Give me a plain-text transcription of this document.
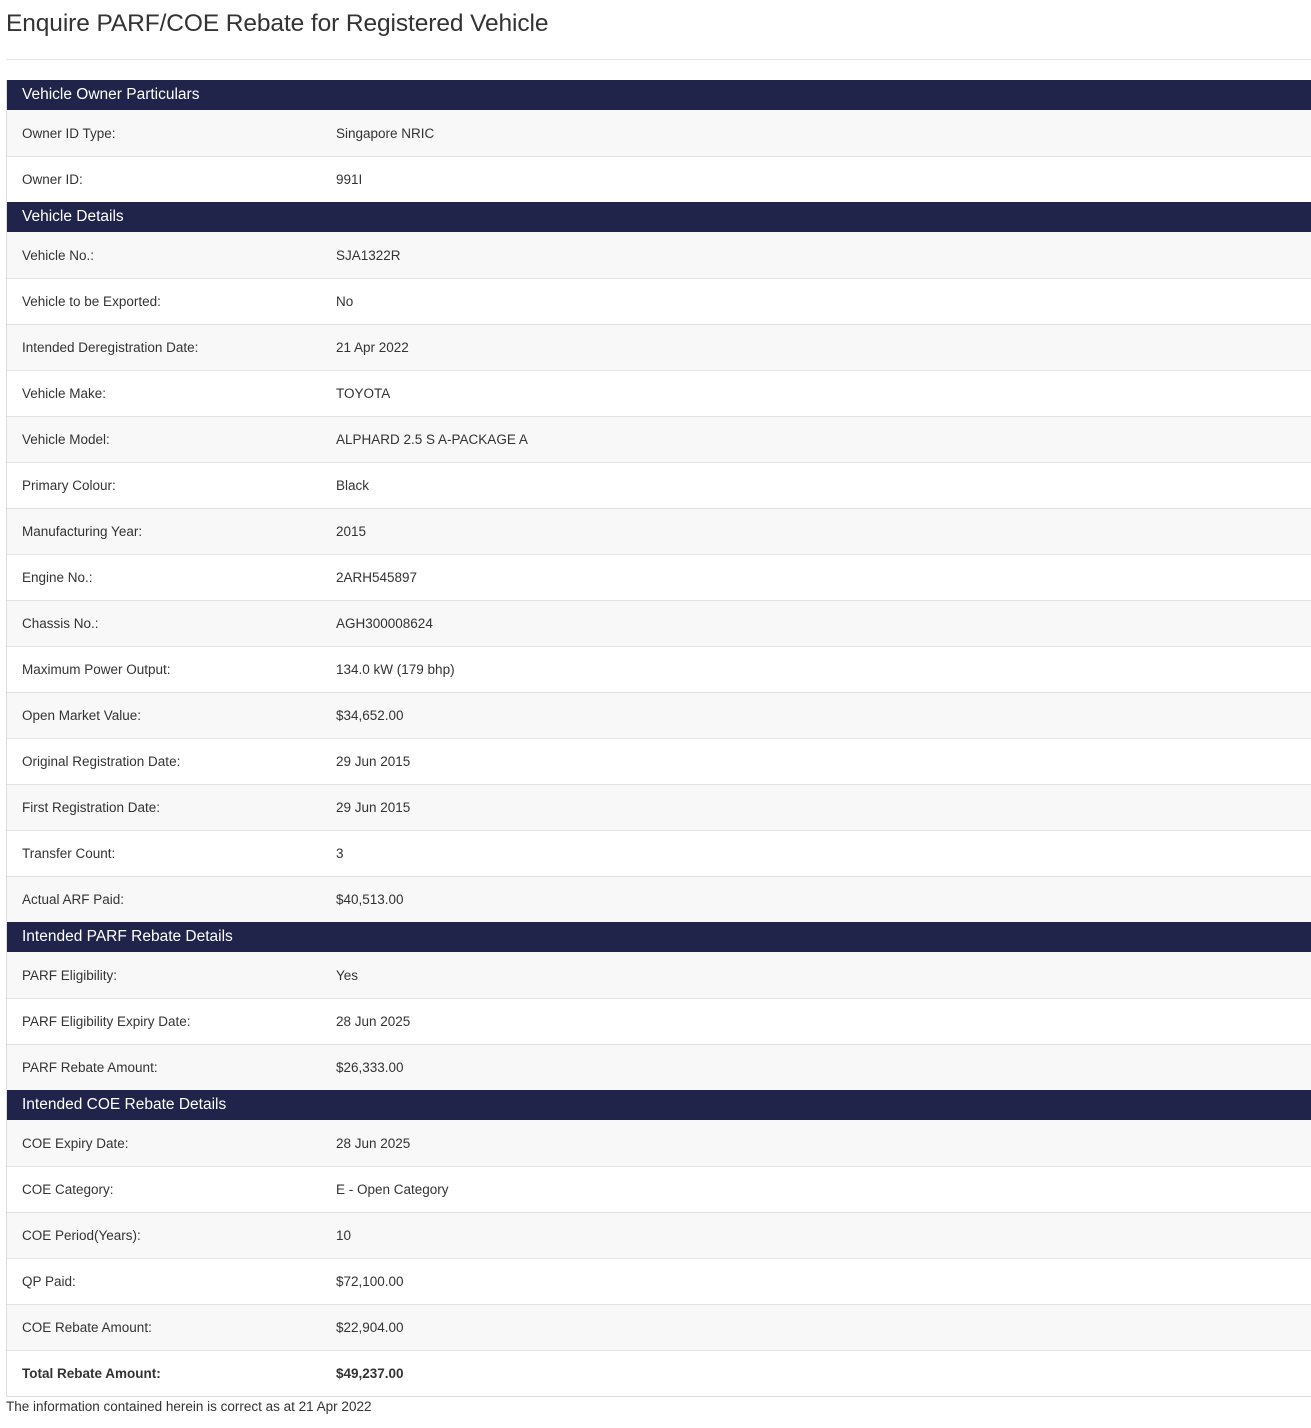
Enquire PARF/COE Rebate for Registered Vehicle
Vehicle Owner Particulars
Owner ID Type:	Singapore NRIC
Owner ID:	991I
Vehicle Details
Vehicle No.:	SJA1322R
Vehicle to be Exported:	No
Intended Deregistration Date:	21 Apr 2022
Vehicle Make:	TOYOTA
Vehicle Model:	ALPHARD 2.5 S A-PACKAGE A
Primary Colour:	Black
Manufacturing Year:	2015
Engine No.:	2ARH545897
Chassis No.:	AGH300008624
Maximum Power Output:	134.0 kW (179 bhp)
Open Market Value:	$34,652.00
Original Registration Date:	29 Jun 2015
First Registration Date:	29 Jun 2015
Transfer Count:	3
Actual ARF Paid:	$40,513.00
Intended PARF Rebate Details
PARF Eligibility:	Yes
PARF Eligibility Expiry Date:	28 Jun 2025
PARF Rebate Amount:	$26,333.00
Intended COE Rebate Details
COE Expiry Date:	28 Jun 2025
COE Category:	E - Open Category
COE Period(Years):	10
QP Paid:	$72,100.00
COE Rebate Amount:	$22,904.00
Total Rebate Amount:	$49,237.00
The information contained herein is correct as at 21 Apr 2022
